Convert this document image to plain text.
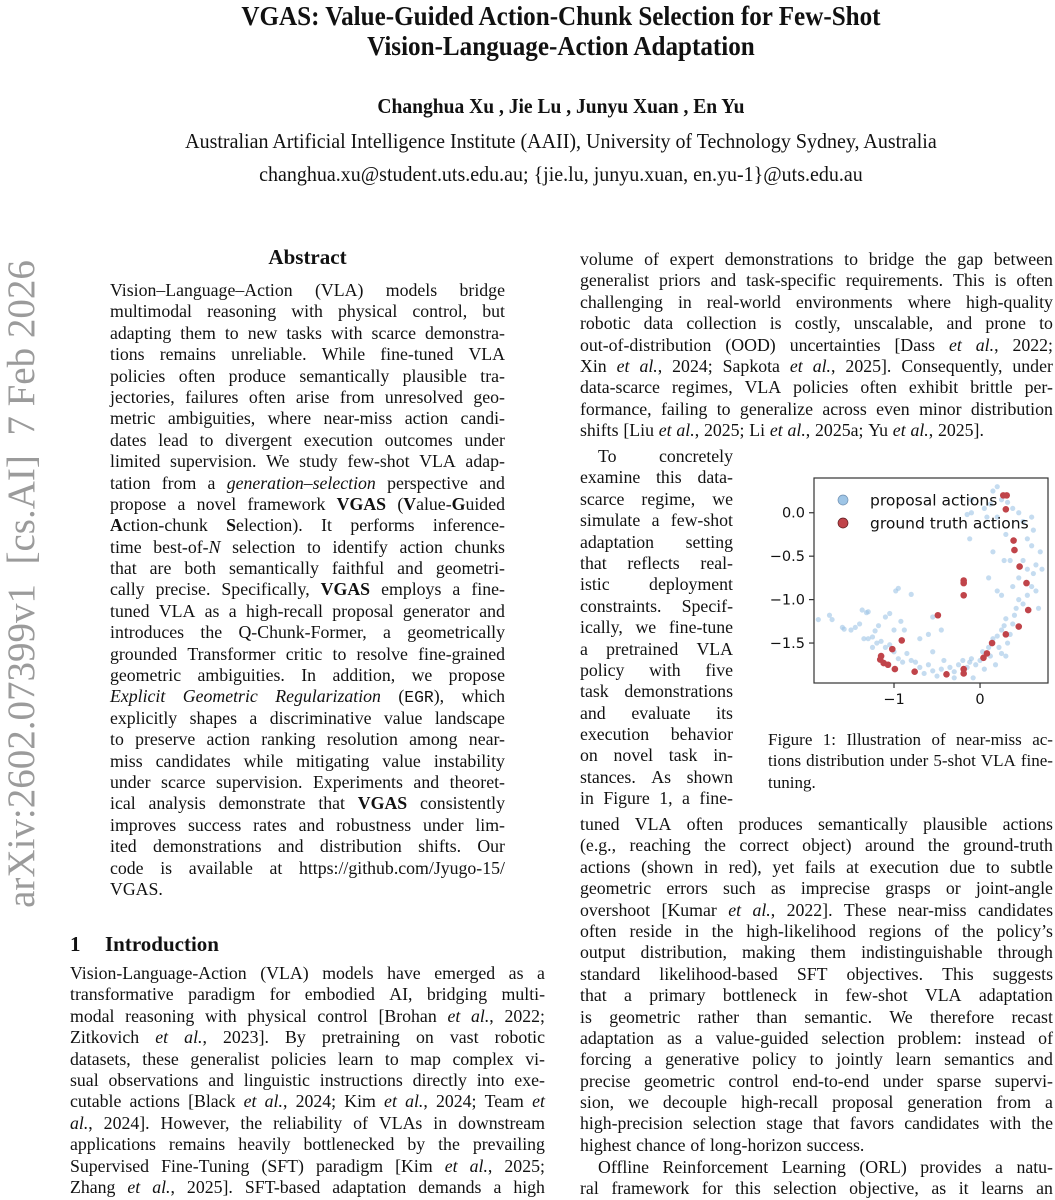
arXiv:2602.07399v1  [cs.AI]  7 Feb 2026
VGAS: Value-Guided Action-Chunk Selection for Few-Shot
Vision-Language-Action Adaptation
Changhua Xu , Jie Lu , Junyu Xuan , En Yu
Australian Artificial Intelligence Institute (AAII), University of Technology Sydney, Australia
changhua.xu@student.uts.edu.au; {jie.lu, junyu.xuan, en.yu-1}@uts.edu.au
Abstract
Vision–Language–Action (VLA) models bridge
multimodal reasoning with physical control, but
adapting them to new tasks with scarce demonstra-
tions remains unreliable. While fine-tuned VLA
policies often produce semantically plausible tra-
jectories, failures often arise from unresolved geo-
metric ambiguities, where near-miss action candi-
dates lead to divergent execution outcomes under
limited supervision. We study few-shot VLA adap-
tation from a generation–selection perspective and
propose a novel framework VGAS (Value-Guided
Action-chunk Selection). It performs inference-
time best-of-N selection to identify action chunks
that are both semantically faithful and geometri-
cally precise. Specifically, VGAS employs a fine-
tuned VLA as a high-recall proposal generator and
introduces the Q-Chunk-Former, a geometrically
grounded Transformer critic to resolve fine-grained
geometric ambiguities. In addition, we propose
Explicit Geometric Regularization (EGR), which
explicitly shapes a discriminative value landscape
to preserve action ranking resolution among near-
miss candidates while mitigating value instability
under scarce supervision. Experiments and theoret-
ical analysis demonstrate that VGAS consistently
improves success rates and robustness under lim-
ited demonstrations and distribution shifts. Our
code is available at https://github.com/Jyugo-15/
VGAS.
1 Introduction
Vision-Language-Action (VLA) models have emerged as a
transformative paradigm for embodied AI, bridging multi-
modal reasoning with physical control [Brohan et al., 2022;
Zitkovich et al., 2023]. By pretraining on vast robotic
datasets, these generalist policies learn to map complex vi-
sual observations and linguistic instructions directly into exe-
cutable actions [Black et al., 2024; Kim et al., 2024; Team et
al., 2024]. However, the reliability of VLAs in downstream
applications remains heavily bottlenecked by the prevailing
Supervised Fine-Tuning (SFT) paradigm [Kim et al., 2025;
Zhang et al., 2025]. SFT-based adaptation demands a high
volume of expert demonstrations to bridge the gap between
generalist priors and task-specific requirements. This is often
challenging in real-world environments where high-quality
robotic data collection is costly, unscalable, and prone to
out-of-distribution (OOD) uncertainties [Dass et al., 2022;
Xin et al., 2024; Sapkota et al., 2025]. Consequently, under
data-scarce regimes, VLA policies often exhibit brittle per-
formance, failing to generalize across even minor distribution
shifts [Liu et al., 2025; Li et al., 2025a; Yu et al., 2025].
To concretely
examine this data-
scarce regime, we
simulate a few-shot
adaptation setting
that reflects real-
istic deployment
constraints. Specif-
ically, we fine-tune
a pretrained VLA
policy with five
task demonstrations
and evaluate its
execution behavior
on novel task in-
stances. As shown
in Figure 1, a fine-
tuned VLA often produces semantically plausible actions
(e.g., reaching the correct object) around the ground-truth
actions (shown in red), yet fails at execution due to subtle
geometric errors such as imprecise grasps or joint-angle
overshoot [Kumar et al., 2022]. These near-miss candidates
often reside in the high-likelihood regions of the policy’s
output distribution, making them indistinguishable through
standard likelihood-based SFT objectives. This suggests
that a primary bottleneck in few-shot VLA adaptation
is geometric rather than semantic. We therefore recast
adaptation as a value-guided selection problem: instead of
forcing a generative policy to jointly learn semantics and
precise geometric control end-to-end under sparse supervi-
sion, we decouple high-recall proposal generation from a
high-precision selection stage that favors candidates with the
highest chance of long-horizon success.
Offline Reinforcement Learning (ORL) provides a natu-
ral framework for this selection objective, as it learns an
0.0
−0.5
−1.0
−1.5
−1	0
proposal actions
ground truth actions
Figure 1: Illustration of near-miss ac-
tions distribution under 5-shot VLA fine-
tuning.
